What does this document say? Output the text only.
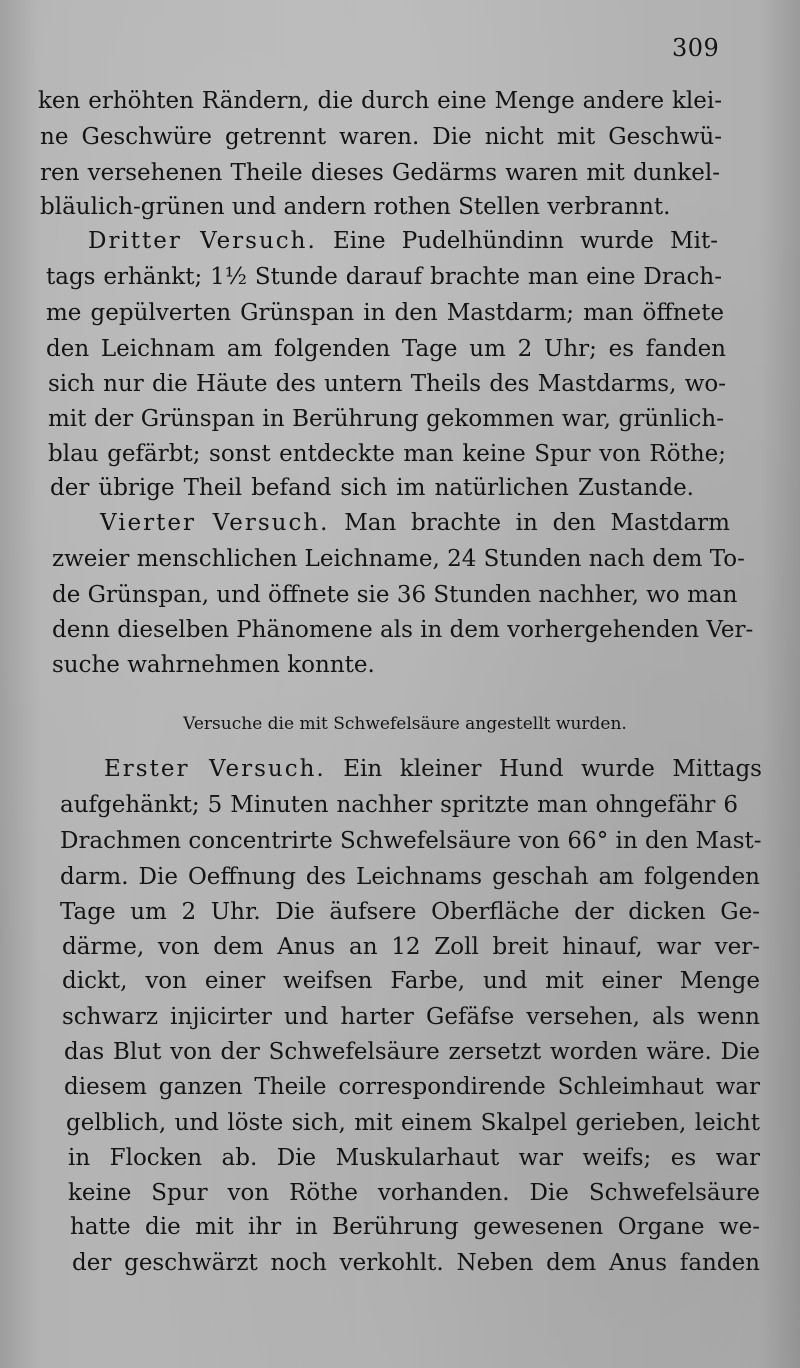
309
ken erhöhten Rändern, die durch eine Menge andere klei-
ne Geschwüre getrennt waren. Die nicht mit Geschwü-
ren versehenen Theile dieses Gedärms waren mit dunkel-
bläulich-grünen und andern rothen Stellen verbrannt.
Dritter Versuch. Eine Pudelhündinn wurde Mit-
tags erhänkt; 1½ Stunde darauf brachte man eine Drach-
me gepülverten Grünspan in den Mastdarm; man öffnete
den Leichnam am folgenden Tage um 2 Uhr; es fanden
sich nur die Häute des untern Theils des Mastdarms, wo-
mit der Grünspan in Berührung gekommen war, grünlich-
blau gefärbt; sonst entdeckte man keine Spur von Röthe;
der übrige Theil befand sich im natürlichen Zustande.
Vierter Versuch. Man brachte in den Mastdarm
zweier menschlichen Leichname, 24 Stunden nach dem To-
de Grünspan, und öffnete sie 36 Stunden nachher, wo man
denn dieselben Phänomene als in dem vorhergehenden Ver-
suche wahrnehmen konnte.
Versuche die mit Schwefelsäure angestellt wurden.
Erster Versuch. Ein kleiner Hund wurde Mittags
aufgehänkt; 5 Minuten nachher spritzte man ohngefähr 6
Drachmen concentrirte Schwefelsäure von 66° in den Mast-
darm. Die Oeffnung des Leichnams geschah am folgenden
Tage um 2 Uhr. Die äufsere Oberfläche der dicken Ge-
därme, von dem Anus an 12 Zoll breit hinauf, war ver-
dickt, von einer weifsen Farbe, und mit einer Menge
schwarz injicirter und harter Gefäfse versehen, als wenn
das Blut von der Schwefelsäure zersetzt worden wäre. Die
diesem ganzen Theile correspondirende Schleimhaut war
gelblich, und löste sich, mit einem Skalpel gerieben, leicht
in Flocken ab. Die Muskularhaut war weifs; es war
keine Spur von Röthe vorhanden. Die Schwefelsäure
hatte die mit ihr in Berührung gewesenen Organe we-
der geschwärzt noch verkohlt. Neben dem Anus fanden
